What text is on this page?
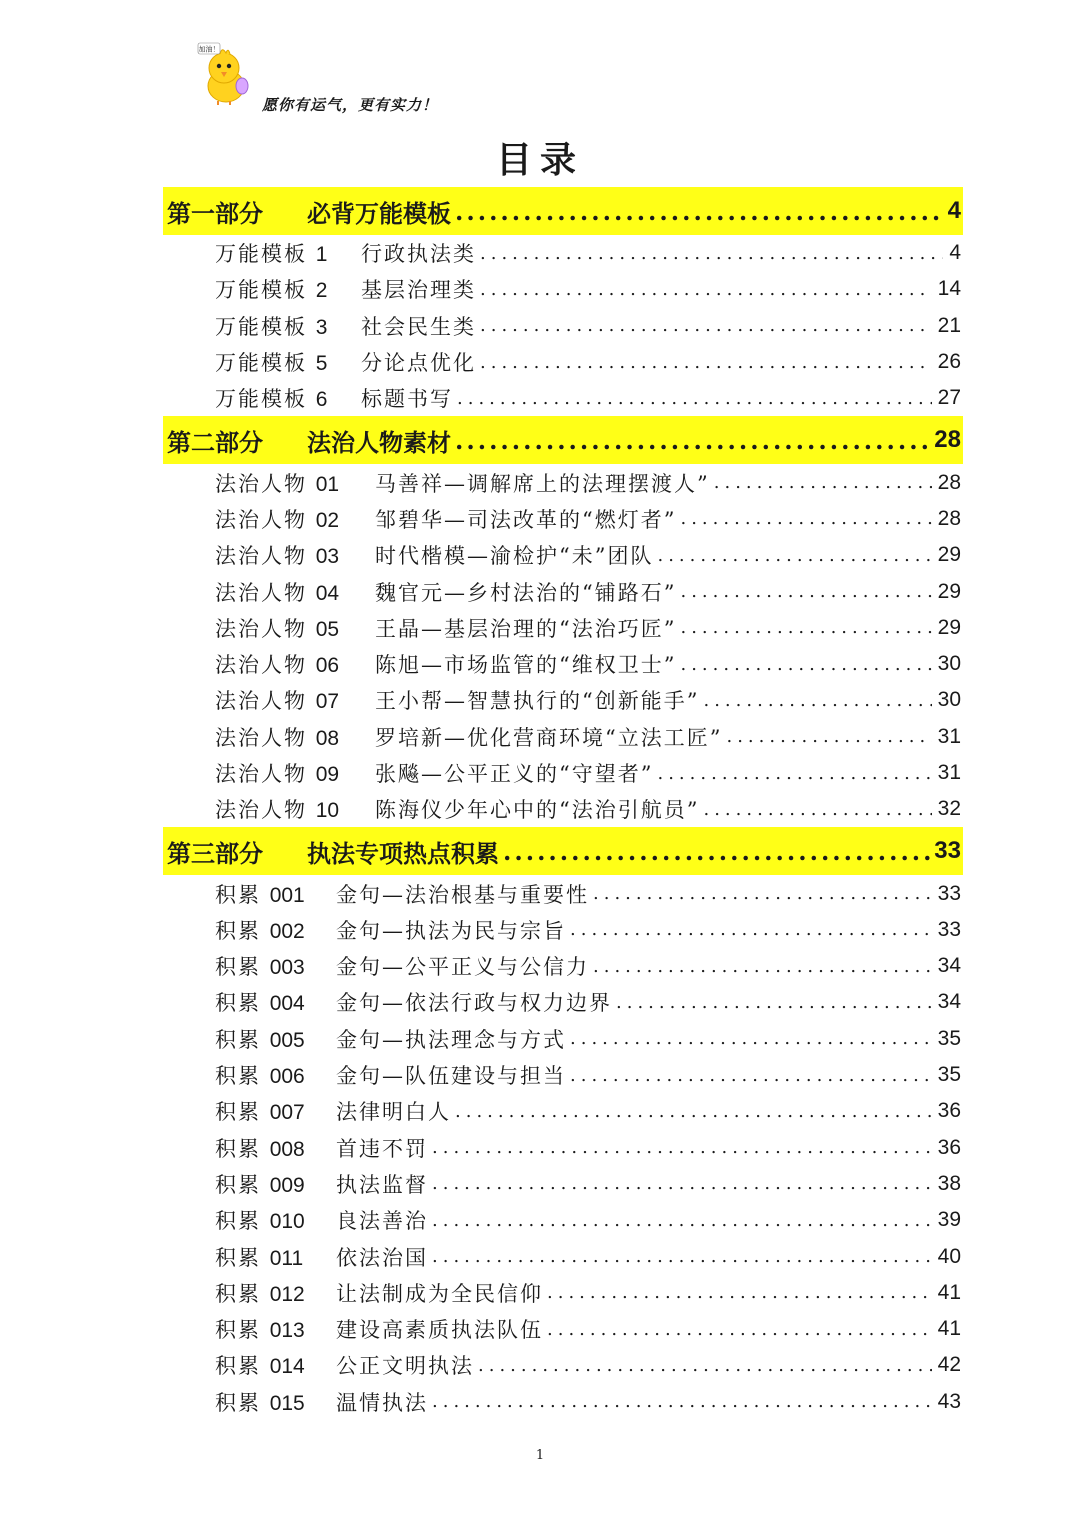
加油！
愿你有运气，更有实力！
目录
第一部分	必背万能模板 .....	4
万能模板 1	行政执法类 .....	4
万能模板 2	基层治理类 .....	14
万能模板 3	社会民生类 .....	21
万能模板 5	分论点优化 .....	26
万能模板 6	标题书写 .....	27
第二部分	法治人物素材 .....	28
法治人物 01	马善祥—调解席上的法理摆渡人” .....	28
法治人物 02	邹碧华—司法改革的“燃灯者” .....	28
法治人物 03	时代楷模—渝检护“未”团队 .....	29
法治人物 04	魏官元—乡村法治的“铺路石” .....	29
法治人物 05	王晶—基层治理的“法治巧匠” .....	29
法治人物 06	陈旭—市场监管的“维权卫士” .....	30
法治人物 07	王小帮—智慧执行的“创新能手” .....	30
法治人物 08	罗培新—优化营商环境“立法工匠” .....	31
法治人物 09	张飚—公平正义的“守望者” .....	31
法治人物 10	陈海仪少年心中的“法治引航员” .....	32
第三部分	执法专项热点积累 .....	33
积累 001	金句—法治根基与重要性 .....	33
积累 002	金句—执法为民与宗旨 .....	33
积累 003	金句—公平正义与公信力 .....	34
积累 004	金句—依法行政与权力边界 .....	34
积累 005	金句—执法理念与方式 .....	35
积累 006	金句—队伍建设与担当 .....	35
积累 007	法律明白人 .....	36
积累 008	首违不罚 .....	36
积累 009	执法监督 .....	38
积累 010	良法善治 .....	39
积累 011	依法治国 .....	40
积累 012	让法制成为全民信仰 .....	41
积累 013	建设高素质执法队伍 .....	41
积累 014	公正文明执法 .....	42
积累 015	温情执法 .....	43
1
